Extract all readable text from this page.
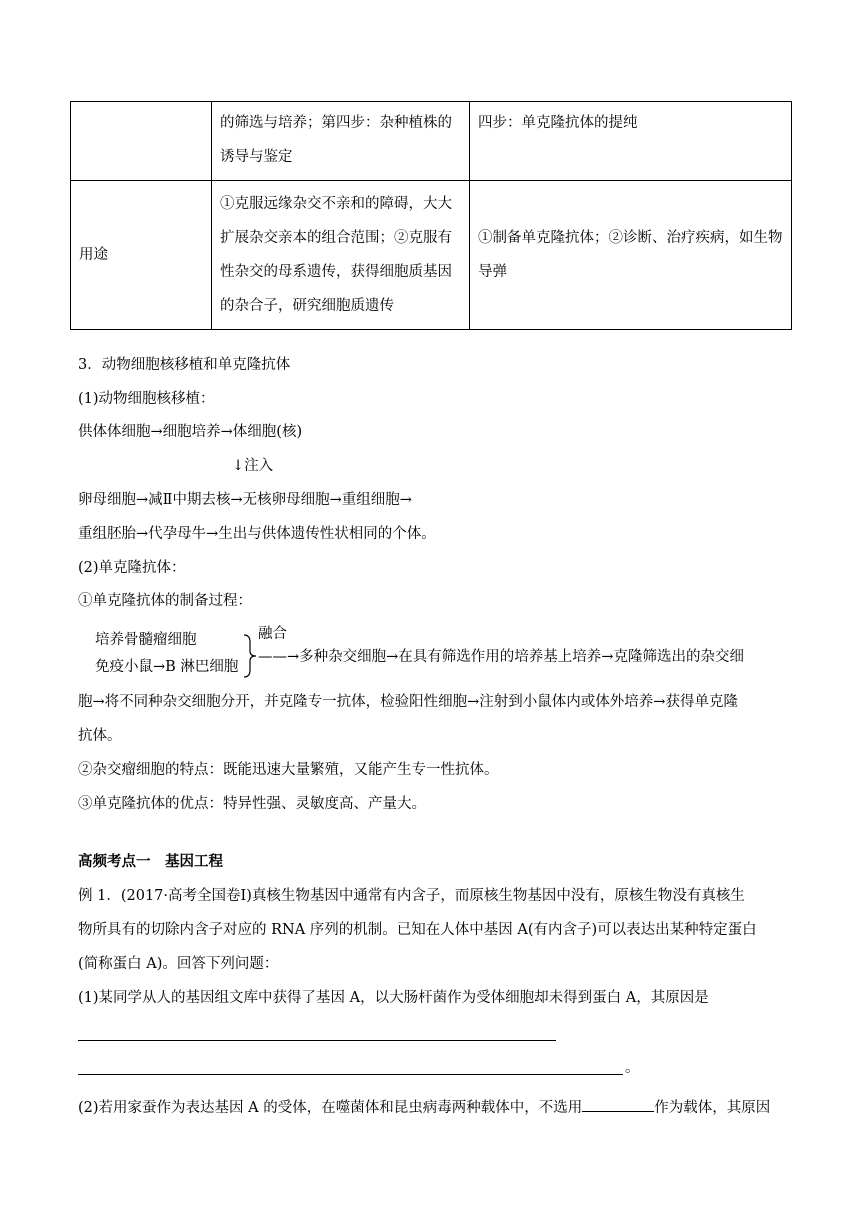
	的筛选与培养；第四步：杂种植株的诱导与鉴定	四步：单克隆抗体的提纯
用途	①克服远缘杂交不亲和的障碍，大大扩展杂交亲本的组合范围；②克服有性杂交的母系遗传，获得细胞质基因的杂合子，研究细胞质遗传	①制备单克隆抗体；②诊断、治疗疾病，如生物导弹
3．动物细胞核移植和单克隆抗体
(1)动物细胞核移植：
供体体细胞→细胞培养→体细胞(核)
↓注入
卵母细胞→减Ⅱ中期去核→无核卵母细胞→重组细胞→
重组胚胎→代孕母牛→生出与供体遗传性状相同的个体。
(2)单克隆抗体：
①单克隆抗体的制备过程：
培养骨髓瘤细胞
免疫小鼠→B 淋巴细胞
融合
——→多种杂交细胞→在具有筛选作用的培养基上培养→克隆筛选出的杂交细
胞→将不同种杂交细胞分开，并克隆专一抗体，检验阳性细胞→注射到小鼠体内或体外培养→获得单克隆
抗体。
②杂交瘤细胞的特点：既能迅速大量繁殖，又能产生专一性抗体。
③单克隆抗体的优点：特异性强、灵敏度高、产量大。
高频考点一　基因工程
例 1．(2017·高考全国卷Ⅰ)真核生物基因中通常有内含子，而原核生物基因中没有，原核生物没有真核生
物所具有的切除内含子对应的 RNA 序列的机制。已知在人体中基因 A(有内含子)可以表达出某种特定蛋白
(简称蛋白 A)。回答下列问题：
(1)某同学从人的基因组文库中获得了基因 A，以大肠杆菌作为受体细胞却未得到蛋白 A，其原因是
。
(2)若用家蚕作为表达基因 A 的受体，在噬菌体和昆虫病毒两种载体中，不选用	作为载体，其原因
